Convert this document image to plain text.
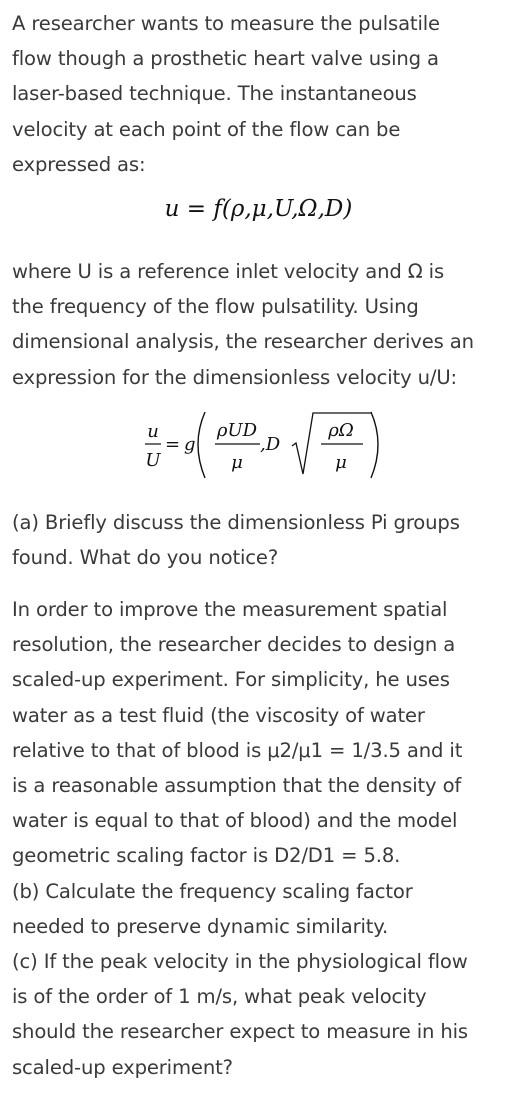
A researcher wants to measure the pulsatile
flow though a prosthetic heart valve using a
laser-based technique. The instantaneous
velocity at each point of the flow can be
expressed as:

u = f(ρ,μ,U,Ω,D)

where U is a reference inlet velocity and Ω is
the frequency of the flow pulsatility. Using
dimensional analysis, the researcher derives an
expression for the dimensionless velocity u/U:

u
U
= g
ρUD
μ
,D
ρΩ
μ

(a) Briefly discuss the dimensionless Pi groups
found. What do you notice?

In order to improve the measurement spatial
resolution, the researcher decides to design a
scaled-up experiment. For simplicity, he uses
water as a test fluid (the viscosity of water
relative to that of blood is μ2/μ1 = 1/3.5 and it
is a reasonable assumption that the density of
water is equal to that of blood) and the model
geometric scaling factor is D2/D1 = 5.8.
(b) Calculate the frequency scaling factor
needed to preserve dynamic similarity.
(c) If the peak velocity in the physiological flow
is of the order of 1 m/s, what peak velocity
should the researcher expect to measure in his
scaled-up experiment?
